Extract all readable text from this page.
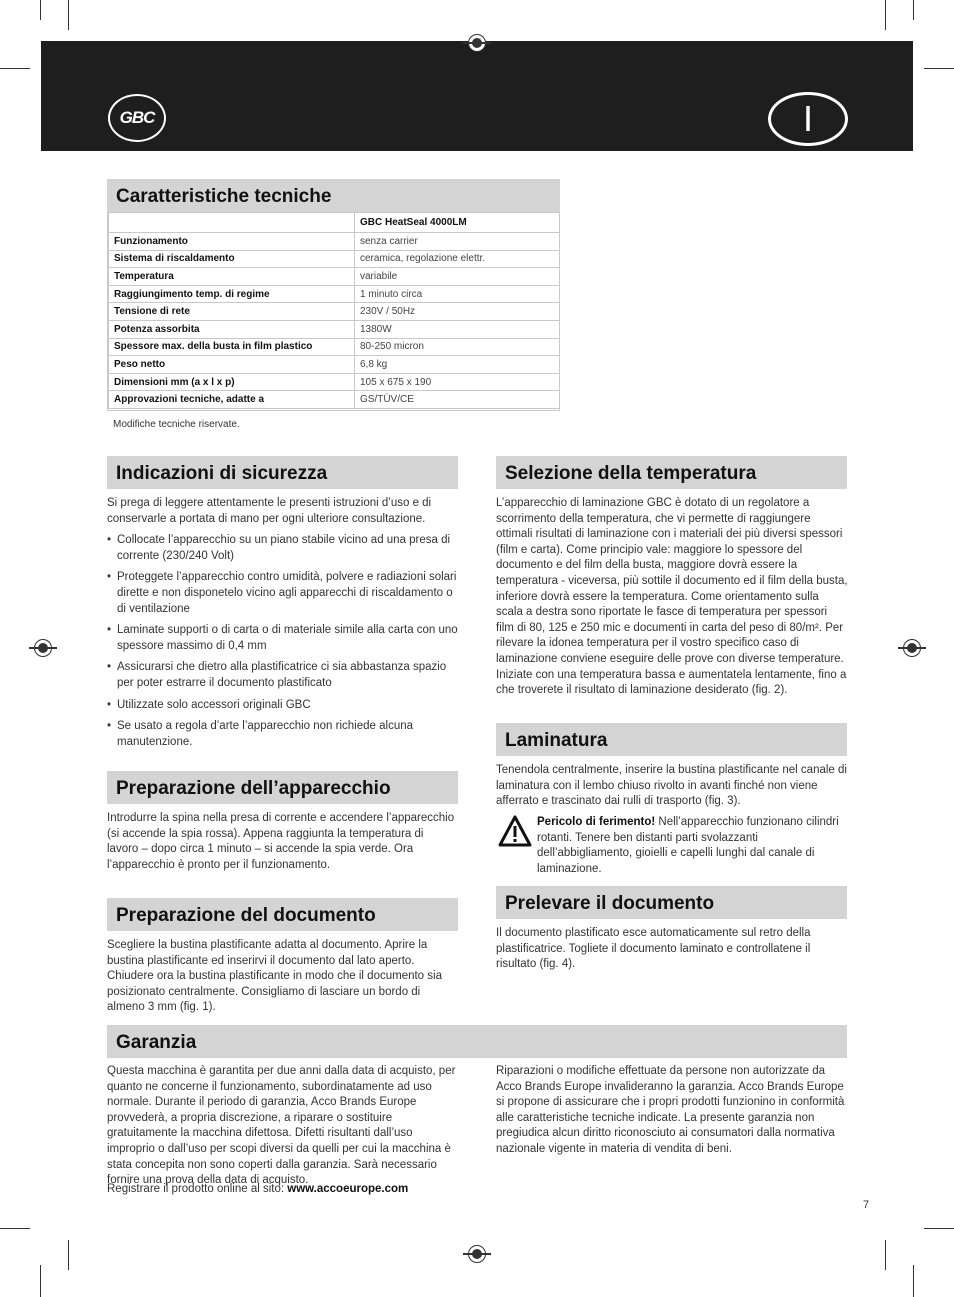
GBC	I
Caratteristiche tecniche
	GBC HeatSeal 4000LM
Funzionamento	senza carrier
Sistema di riscaldamento	ceramica, regolazione elettr.
Temperatura	variabile
Raggiungimento temp. di regime	1 minuto circa
Tensione di rete	230V / 50Hz
Potenza assorbita	1380W
Spessore max. della busta in film plastico	80-250 micron
Peso netto	6,8 kg
Dimensioni mm (a x l x p)	105 x 675 x 190
Approvazioni tecniche, adatte a	GS/TÜV/CE
Modifiche tecniche riservate.
Indicazioni di sicurezza

Si prega di leggere attentamente le presenti istruzioni d’uso e di conservarle a portata di mano per ogni ulteriore consultazione.

• Collocate l’apparecchio su un piano stabile vicino ad una presa di corrente (230/240 Volt)
• Proteggete l’apparecchio contro umidità, polvere e radiazioni solari dirette e non disponetelo vicino agli apparecchi di riscaldamento o di ventilazione
• Laminate supporti o di carta o di materiale simile alla carta con uno spessore massimo di 0,4 mm
• Assicurarsi che dietro alla plastificatrice ci sia abbastanza spazio per poter estrarre il documento plastificato
• Utilizzate solo accessori originali GBC
• Se usato a regola d’arte l’apparecchio non richiede alcuna manutenzione.
Preparazione dell’apparecchio
Introdurre la spina nella presa di corrente e accendere l’apparecchio (si accende la spia rossa). Appena raggiunta la temperatura di lavoro – dopo circa 1 minuto – si accende la spia verde. Ora l’apparecchio è pronto per il funzionamento.
Preparazione del documento
Scegliere la bustina plastificante adatta al documento. Aprire la bustina plastificante ed inserirvi il documento dal lato aperto. Chiudere ora la bustina plastificante in modo che il documento sia posizionato centralmente. Consigliamo di lasciare un bordo di almeno 3 mm (fig. 1).
Selezione della temperatura
L’apparecchio di laminazione GBC è dotato di un regolatore a scorrimento della temperatura, che vi permette di raggiungere ottimali risultati di laminazione con i materiali dei più diversi spessori (film e carta). Come principio vale: maggiore lo spessore del documento e del film della busta, maggiore dovrà essere la temperatura - viceversa, più sottile il documento ed il film della busta, inferiore dovrà essere la temperatura. Come orientamento sulla scala a destra sono riportate le fasce di temperatura per spessori film di 80, 125 e 250 mic e documenti in carta del peso di 80/m². Per rilevare la idonea temperatura per il vostro specifico caso di laminazione conviene eseguire delle prove con diverse temperature. Iniziate con una temperatura bassa e aumentatela lentamente, fino a che troverete il risultato di laminazione desiderato (fig. 2).
Laminatura
Tenendola centralmente, inserire la bustina plastificante nel canale di laminatura con il lembo chiuso rivolto in avanti finché non viene afferrato e trascinato dai rulli di trasporto (fig. 3).
Pericolo di ferimento! Nell’apparecchio funzionano cilindri rotanti. Tenere ben distanti parti svolazzanti dell’abbigliamento, gioielli e capelli lunghi dal canale di laminazione.
Prelevare il documento
Il documento plastificato esce automaticamente sul retro della plastificatrice. Togliete il documento laminato e controllatene il risultato (fig. 4).
Garanzia
Questa macchina è garantita per due anni dalla data di acquisto, per quanto ne concerne il funzionamento, subordinatamente ad uso normale. Durante il periodo di garanzia, Acco Brands Europe provvederà, a propria discrezione, a riparare o sostituire gratuitamente la macchina difettosa. Difetti risultanti dall’uso improprio o dall’uso per scopi diversi da quelli per cui la macchina è stata concepita non sono coperti dalla garanzia. Sarà necessario fornire una prova della data di acquisto.
Registrare il prodotto online al sito: www.accoeurope.com
Riparazioni o modifiche effettuate da persone non autorizzate da Acco Brands Europe invalideranno la garanzia. Acco Brands Europe si propone di assicurare che i propri prodotti funzionino in conformità alle caratteristiche tecniche indicate. La presente garanzia non pregiudica alcun diritto riconosciuto ai consumatori dalla normativa nazionale vigente in materia di vendita di beni.
7
